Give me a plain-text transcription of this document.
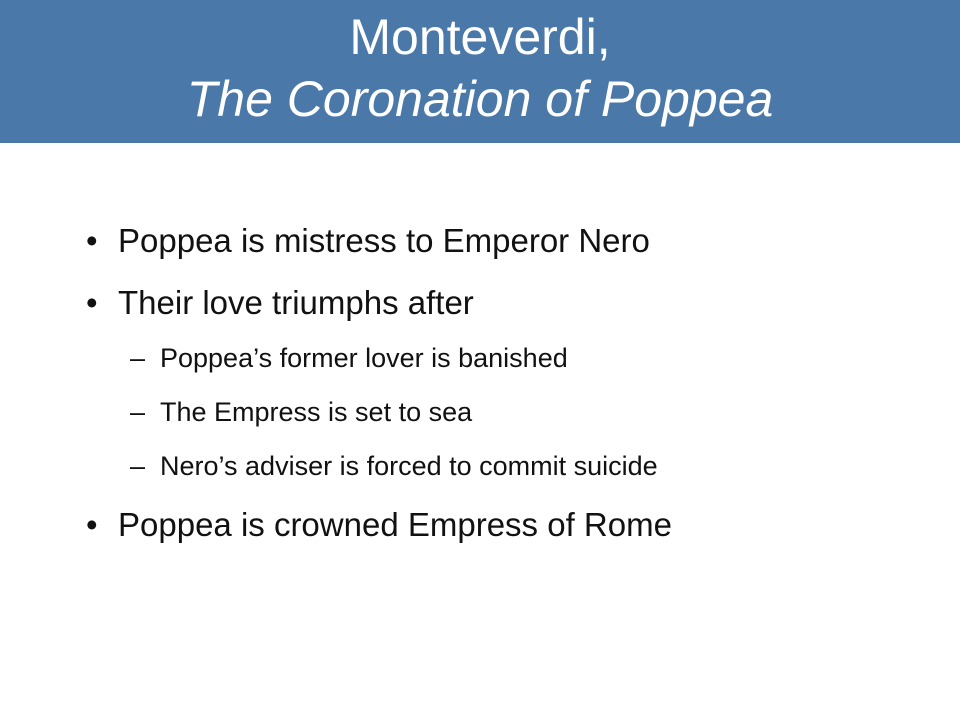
Monteverdi,
The Coronation of Poppea
• Poppea is mistress to Emperor Nero
• Their love triumphs after
– Poppea’s former lover is banished
– The Empress is set to sea
– Nero’s adviser is forced to commit suicide
• Poppea is crowned Empress of Rome
